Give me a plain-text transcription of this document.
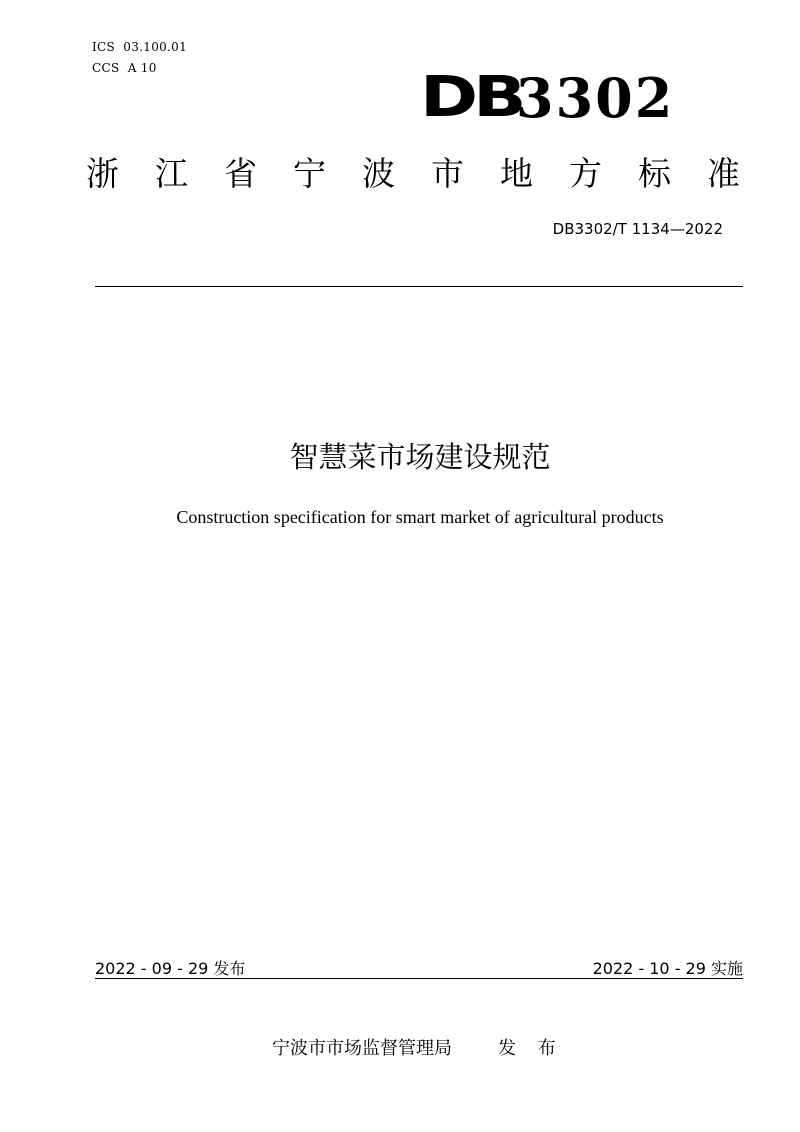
ICS  03.100.01
CCS  A 10	DB
3302
浙 江 省 宁 波 市 地 方 标 准
DB3302/T 1134—2022
智慧菜市场建设规范
Construction specification for smart market of agricultural products
2022 - 09 - 29 发布	2022 - 10 - 29 实施
宁波市市场监督管理局	发 布
